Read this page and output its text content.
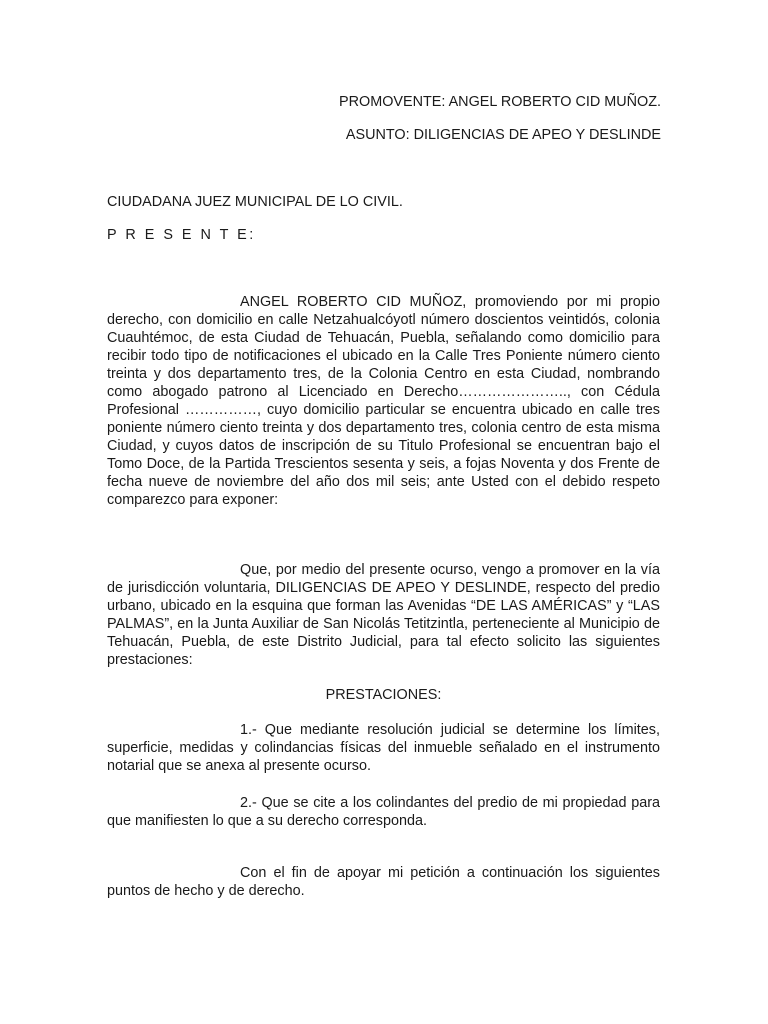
PROMOVENTE: ANGEL ROBERTO CID MUÑOZ.
ASUNTO: DILIGENCIAS DE APEO Y DESLINDE
CIUDADANA JUEZ MUNICIPAL DE LO CIVIL.
P R E S E N T E:
ANGEL ROBERTO CID MUÑOZ, promoviendo por mi propio derecho, con domicilio en calle Netzahualcóyotl número doscientos veintidós, colonia Cuauhtémoc, de esta Ciudad de Tehuacán, Puebla, señalando como domicilio para recibir todo tipo de notificaciones el ubicado en la Calle Tres Poniente número ciento treinta y dos departamento tres, de la Colonia Centro en esta Ciudad, nombrando como abogado patrono al Licenciado en Derecho………………….., con Cédula Profesional ……………, cuyo domicilio particular se encuentra ubicado en calle tres poniente número ciento treinta y dos departamento tres, colonia centro de esta misma Ciudad, y cuyos datos de inscripción de su Titulo Profesional se encuentran bajo el Tomo Doce, de la Partida Trescientos sesenta y seis, a fojas Noventa y dos Frente de fecha nueve de noviembre del año dos mil seis; ante Usted con el debido respeto comparezco para exponer:
Que, por medio del presente ocurso, vengo a promover en la vía de jurisdicción voluntaria, DILIGENCIAS DE APEO Y DESLINDE, respecto del predio urbano, ubicado en la esquina que forman las Avenidas “DE LAS AMÉRICAS” y “LAS PALMAS”, en la Junta Auxiliar de San Nicolás Tetitzintla, perteneciente al Municipio de Tehuacán, Puebla, de este Distrito Judicial, para tal efecto solicito las siguientes prestaciones:
PRESTACIONES:
1.- Que mediante resolución judicial se determine los límites, superficie, medidas y colindancias físicas del inmueble señalado en el instrumento notarial que se anexa al presente ocurso.
2.- Que se cite a los colindantes del predio de mi propiedad para que manifiesten lo que a su derecho corresponda.
Con el fin de apoyar mi petición a continuación los siguientes puntos de hecho y de derecho.
